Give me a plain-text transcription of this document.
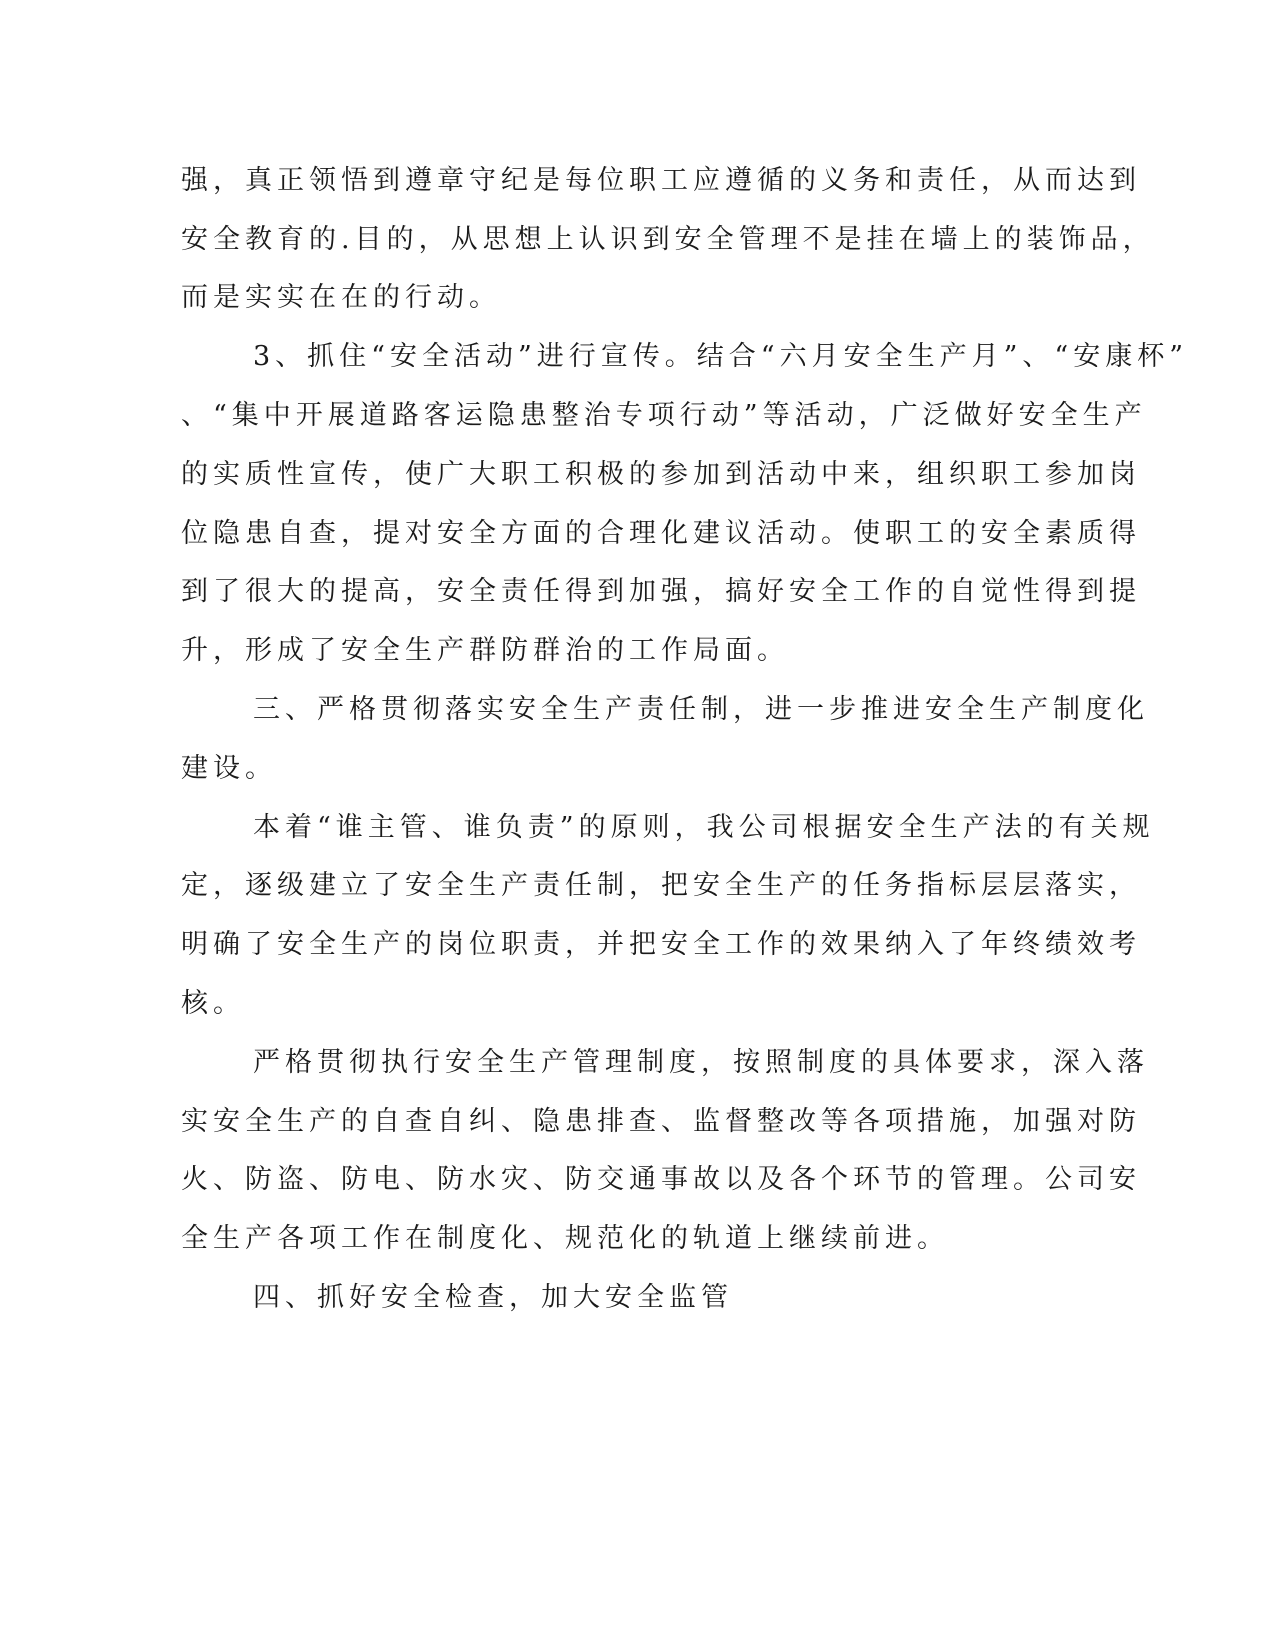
强，真正领悟到遵章守纪是每位职工应遵循的义务和责任，从而达到
安全教育的.目的，从思想上认识到安全管理不是挂在墙上的装饰品，
而是实实在在的行动。
3、抓住“安全活动”进行宣传。结合“六月安全生产月”、“安康杯”
、“集中开展道路客运隐患整治专项行动”等活动，广泛做好安全生产
的实质性宣传，使广大职工积极的参加到活动中来，组织职工参加岗
位隐患自查，提对安全方面的合理化建议活动。使职工的安全素质得
到了很大的提高，安全责任得到加强，搞好安全工作的自觉性得到提
升，形成了安全生产群防群治的工作局面。
三、严格贯彻落实安全生产责任制，进一步推进安全生产制度化
建设。
本着“谁主管、谁负责”的原则，我公司根据安全生产法的有关规
定，逐级建立了安全生产责任制，把安全生产的任务指标层层落实，
明确了安全生产的岗位职责，并把安全工作的效果纳入了年终绩效考
核。
严格贯彻执行安全生产管理制度，按照制度的具体要求，深入落
实安全生产的自查自纠、隐患排查、监督整改等各项措施，加强对防
火、防盗、防电、防水灾、防交通事故以及各个环节的管理。公司安
全生产各项工作在制度化、规范化的轨道上继续前进。
四、抓好安全检查，加大安全监管
